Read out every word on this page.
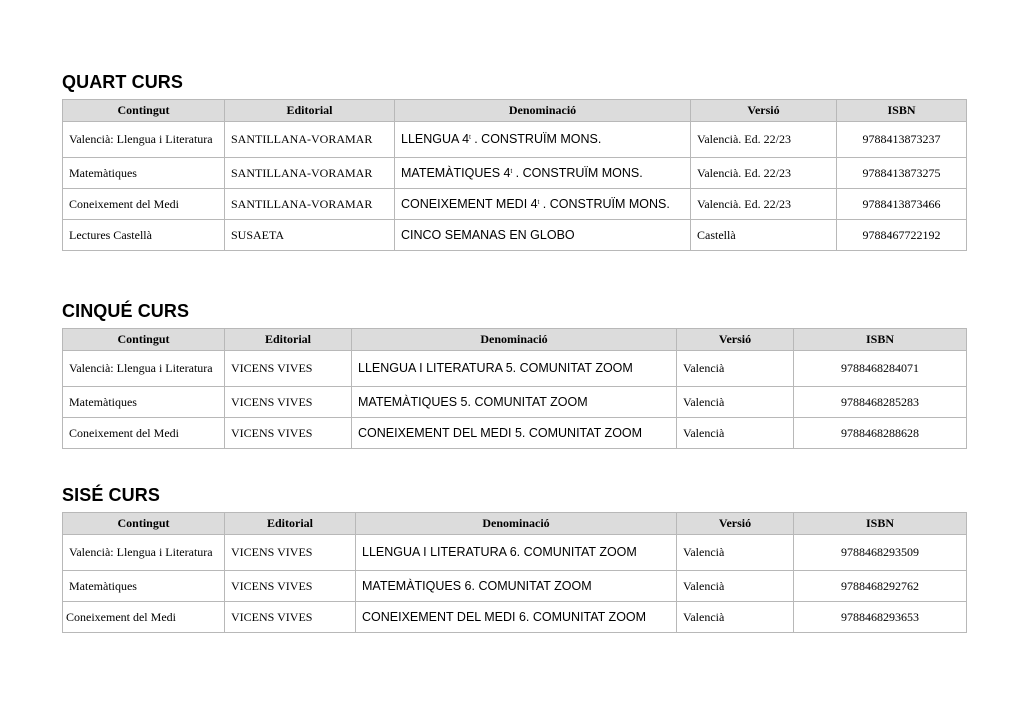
QUART CURS
Contingut	Editorial	Denominació	Versió	ISBN
Valencià: Llengua i Literatura	SANTILLANA-VORAMAR	LLENGUA 4$^t$ . CONSTRUÏM MONS.	Valencià. Ed. 22/23	9788413873237
Matemàtiques	SANTILLANA-VORAMAR	MATEMÀTIQUES 4$^t$ . CONSTRUÏM MONS.	Valencià. Ed. 22/23	9788413873275
Coneixement del Medi	SANTILLANA-VORAMAR	CONEIXEMENT MEDI 4$^t$ . CONSTRUÏM MONS.	Valencià. Ed. 22/23	9788413873466
Lectures Castellà	SUSAETA	CINCO SEMANAS EN GLOBO	Castellà	9788467722192
CINQUÉ CURS
Contingut	Editorial	Denominació	Versió	ISBN
Valencià: Llengua i Literatura	VICENS VIVES	LLENGUA I LITERATURA 5. COMUNITAT ZOOM	Valencià	9788468284071
Matemàtiques	VICENS VIVES	MATEMÀTIQUES 5. COMUNITAT ZOOM	Valencià	9788468285283
Coneixement del Medi	VICENS VIVES	CONEIXEMENT DEL MEDI 5. COMUNITAT ZOOM	Valencià	9788468288628
SISÉ CURS
Contingut	Editorial	Denominació	Versió	ISBN
Valencià: Llengua i Literatura	VICENS VIVES	LLENGUA I LITERATURA 6. COMUNITAT ZOOM	Valencià	9788468293509
Matemàtiques	VICENS VIVES	MATEMÀTIQUES 6. COMUNITAT ZOOM	Valencià	9788468292762
Coneixement del Medi	VICENS VIVES	CONEIXEMENT DEL MEDI 6. COMUNITAT ZOOM	Valencià	9788468293653
